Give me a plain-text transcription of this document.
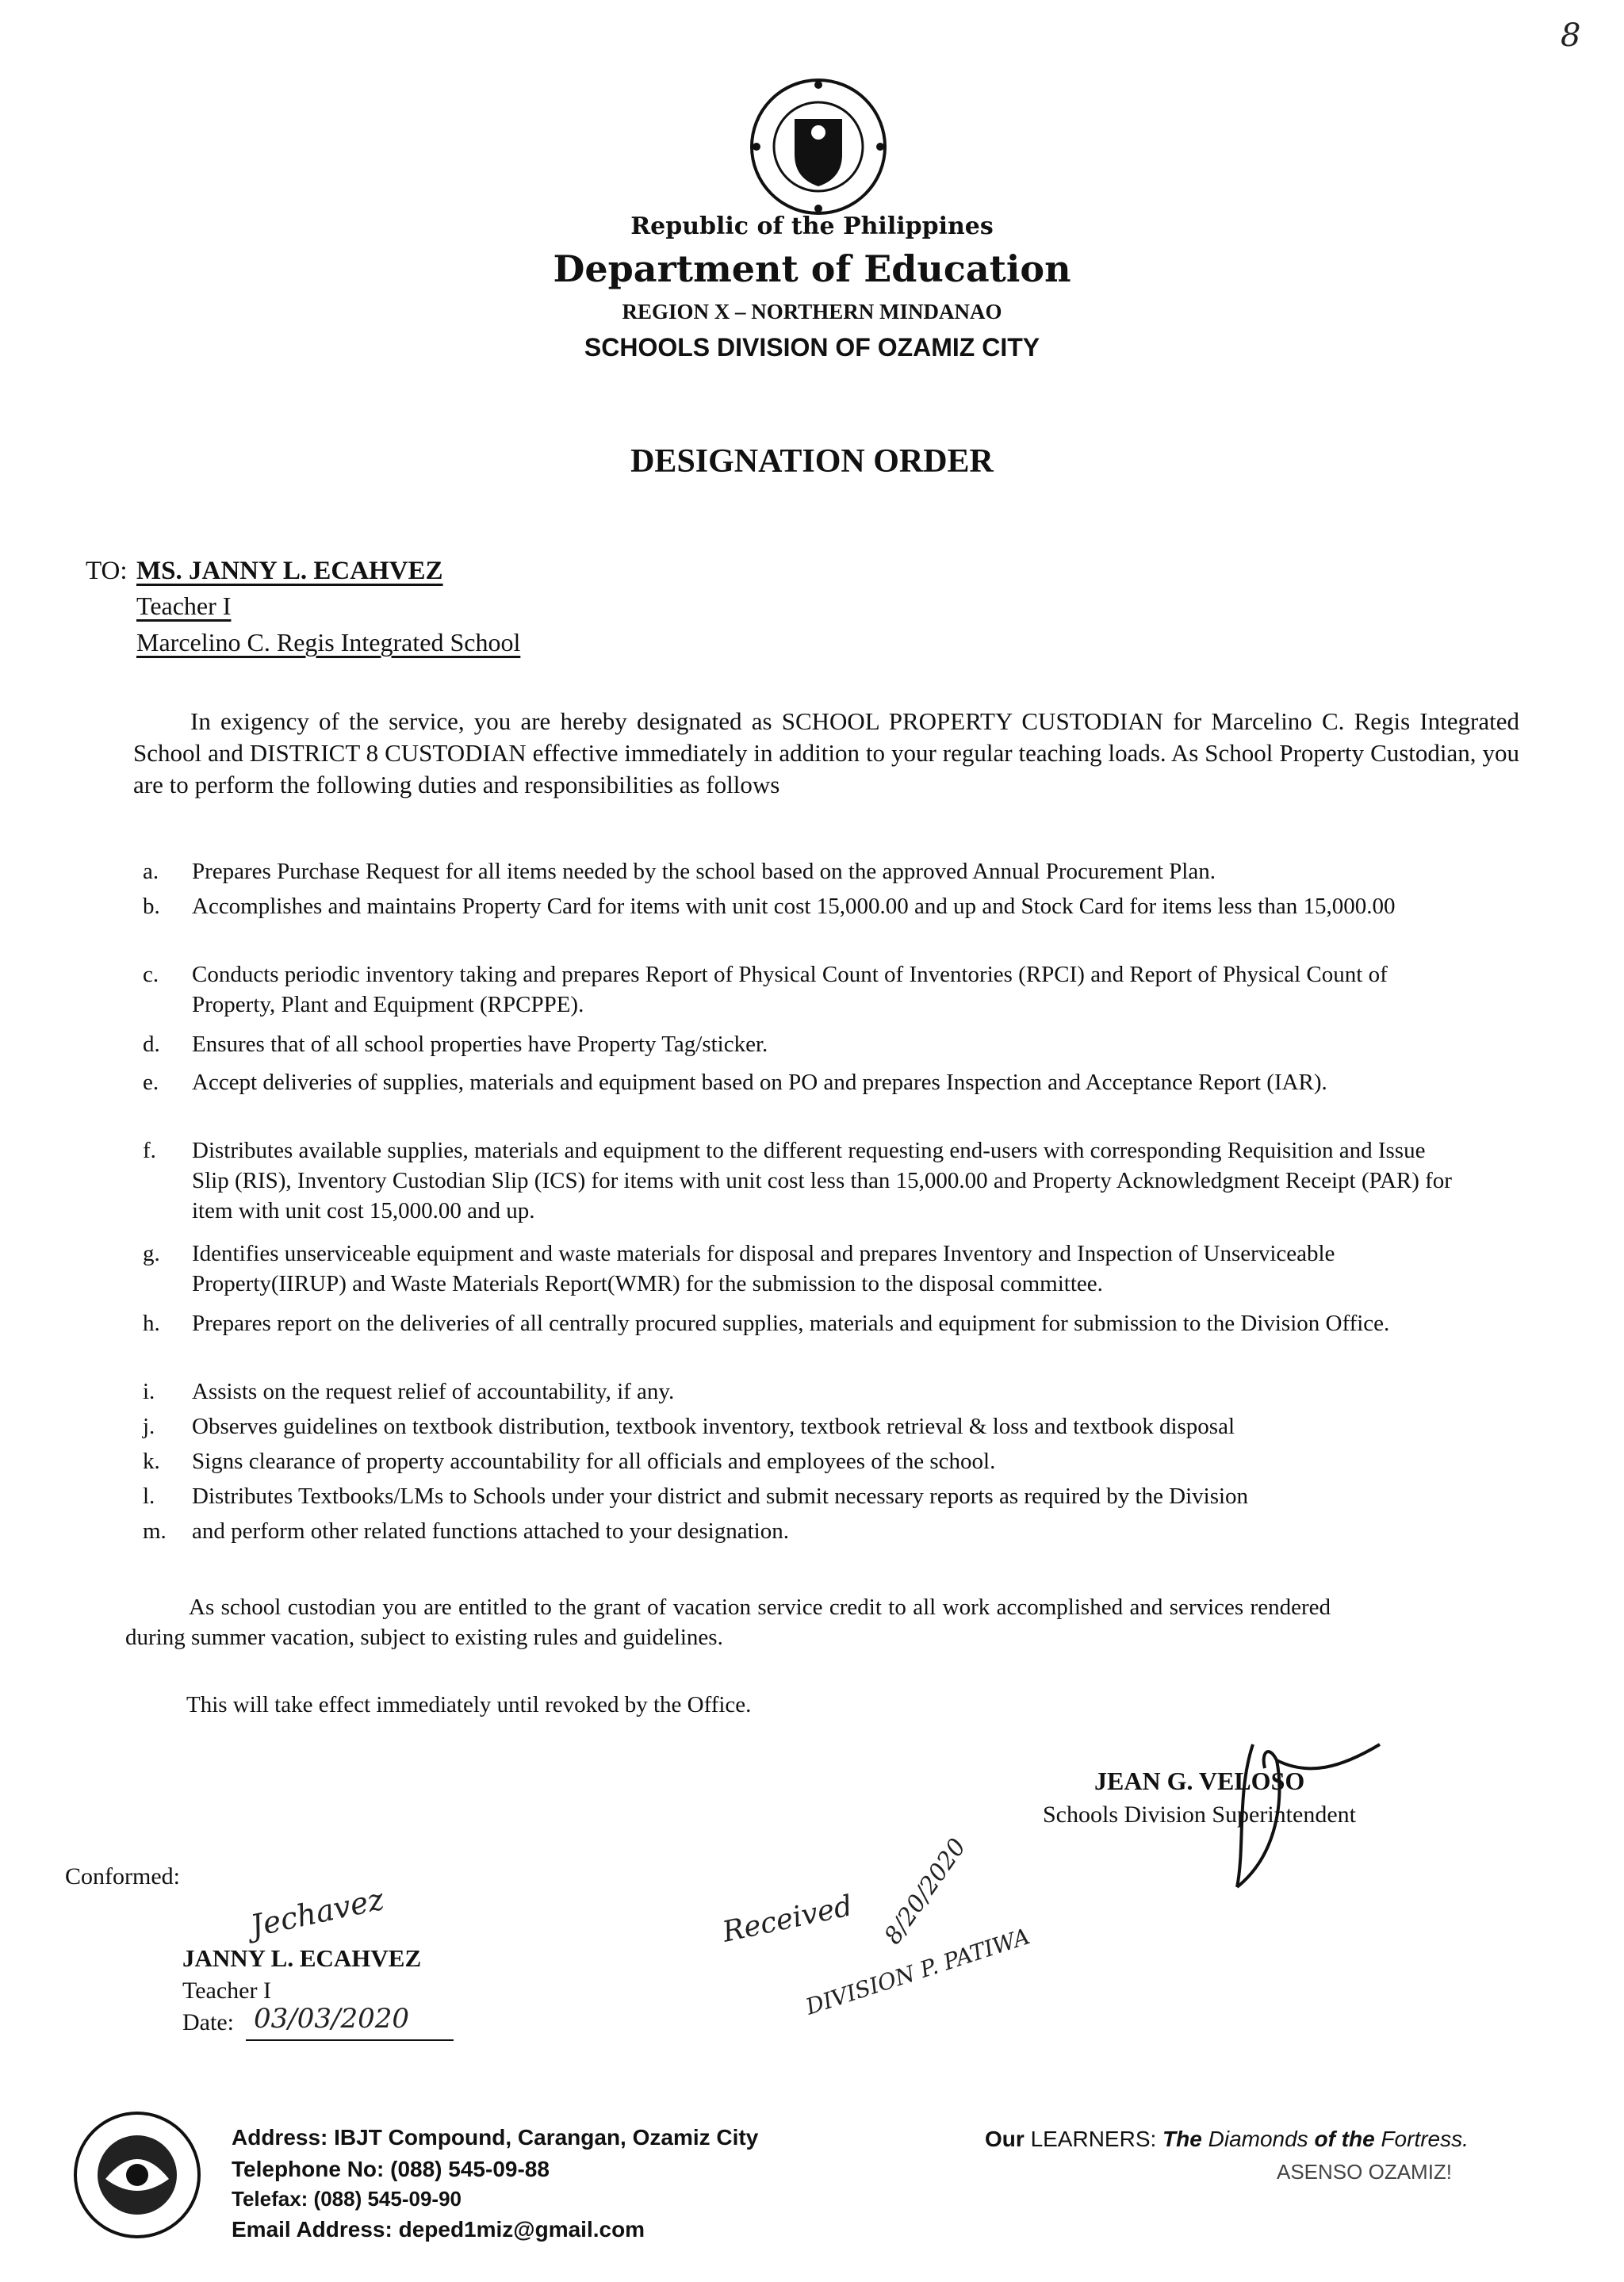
8
Republic of the Philippines
Department of Education
REGION X – NORTHERN MINDANAO
SCHOOLS DIVISION OF OZAMIZ CITY
DESIGNATION ORDER
TO: MS. JANNY L. ECAHVEZ
Teacher I
Marcelino C. Regis Integrated School
In exigency of the service, you are hereby designated as SCHOOL PROPERTY CUSTODIAN for Marcelino C. Regis Integrated School and DISTRICT 8 CUSTODIAN effective immediately in addition to your regular teaching loads. As School Property Custodian, you are to perform the following duties and responsibilities as follows
a.	Prepares Purchase Request for all items needed by the school based on the approved Annual Procurement Plan.
b.	Accomplishes and maintains Property Card for items with unit cost 15,000.00 and up and Stock Card for items less than 15,000.00
c.	Conducts periodic inventory taking and prepares Report of Physical Count of Inventories (RPCI) and Report of Physical Count of Property, Plant and Equipment (RPCPPE).
d.	Ensures that of all school properties have Property Tag/sticker.
e.	Accept deliveries of supplies, materials and equipment based on PO and prepares Inspection and Acceptance Report (IAR).
f.	Distributes available supplies, materials and equipment to the different requesting end-users with corresponding Requisition and Issue Slip (RIS), Inventory Custodian Slip (ICS) for items with unit cost less than 15,000.00 and Property Acknowledgment Receipt (PAR) for item with unit cost 15,000.00 and up.
g.	Identifies unserviceable equipment and waste materials for disposal and prepares Inventory and Inspection of Unserviceable Property(IIRUP) and Waste Materials Report(WMR) for the submission to the disposal committee.
h.	Prepares report on the deliveries of all centrally procured supplies, materials and equipment for submission to the Division Office.
i.	Assists on the request relief of accountability, if any.
j.	Observes guidelines on textbook distribution, textbook inventory, textbook retrieval & loss and textbook disposal
k.	Signs clearance of property accountability for all officials and employees of the school.
l.	Distributes Textbooks/LMs to Schools under your district and submit necessary reports as required by the Division
m.	and perform other related functions attached to your designation.
As school custodian you are entitled to the grant of vacation service credit to all work accomplished and services rendered during summer vacation, subject to existing rules and guidelines.
This will take effect immediately until revoked by the Office.
JEAN G. VELOSO
Schools Division Superintendent
Conformed:
Jechavez
JANNY L. ECAHVEZ
Teacher I
Date: 03/03/2020
Received 8/20/2020
DIVISION P. PATIWA
Address: IBJT Compound, Carangan, Ozamiz City
Telephone No: (088) 545-09-88
Telefax: (088) 545-09-90
Email Address: deped1miz@gmail.com
Our LEARNERS: The Diamonds of the Fortress.
ASENSO OZAMIZ!
